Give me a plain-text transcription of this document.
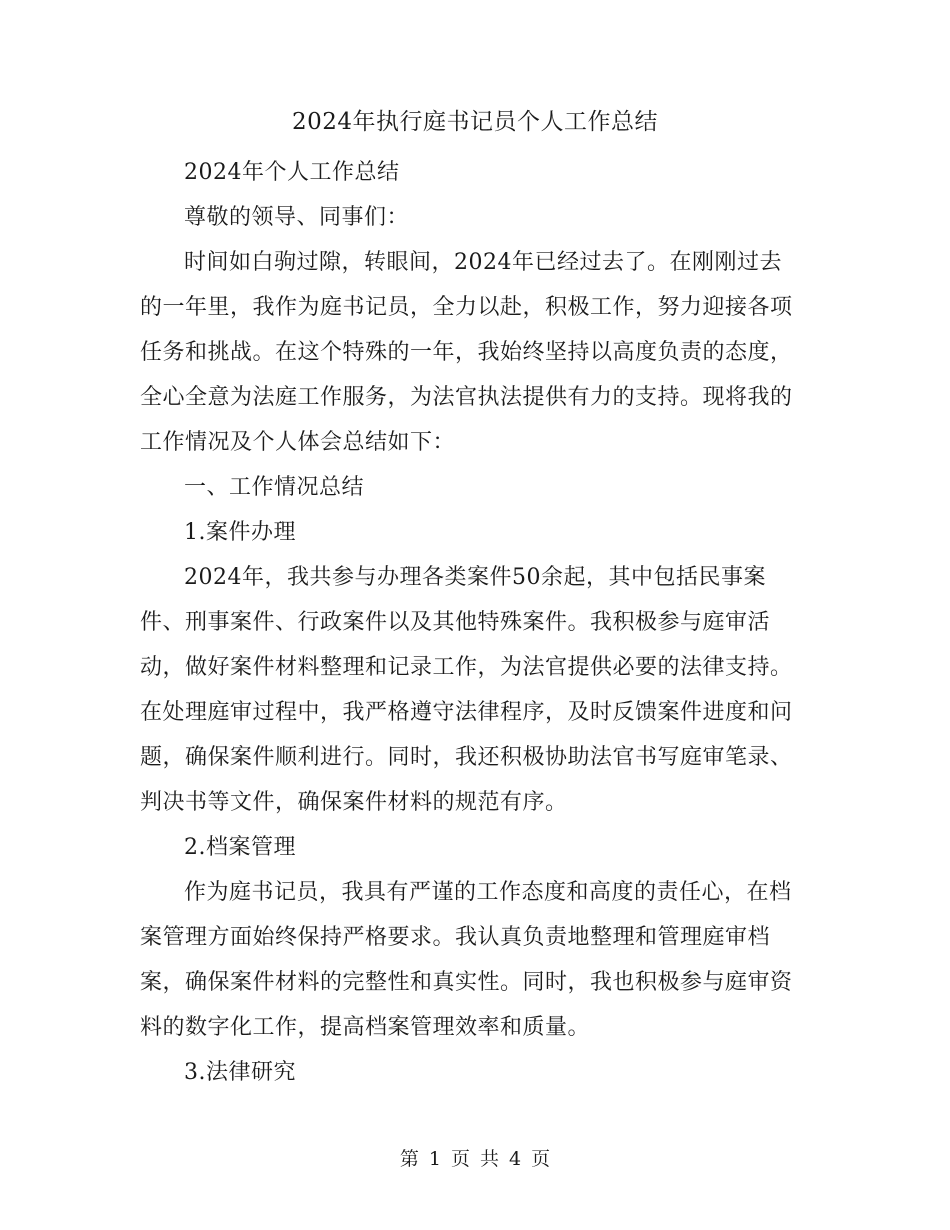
2024年执行庭书记员个人工作总结

2024年个人工作总结

尊敬的领导、同事们：

时间如白驹过隙，转眼间，2024年已经过去了。在刚刚过去的一年里，我作为庭书记员，全力以赴，积极工作，努力迎接各项任务和挑战。在这个特殊的一年，我始终坚持以高度负责的态度，全心全意为法庭工作服务，为法官执法提供有力的支持。现将我的工作情况及个人体会总结如下：

一、工作情况总结

1.案件办理

2024年，我共参与办理各类案件50余起，其中包括民事案件、刑事案件、行政案件以及其他特殊案件。我积极参与庭审活动，做好案件材料整理和记录工作，为法官提供必要的法律支持。在处理庭审过程中，我严格遵守法律程序，及时反馈案件进度和问题，确保案件顺利进行。同时，我还积极协助法官书写庭审笔录、判决书等文件，确保案件材料的规范有序。

2.档案管理

作为庭书记员，我具有严谨的工作态度和高度的责任心，在档案管理方面始终保持严格要求。我认真负责地整理和管理庭审档案，确保案件材料的完整性和真实性。同时，我也积极参与庭审资料的数字化工作，提高档案管理效率和质量。

3.法律研究

第 1 页 共 4 页
